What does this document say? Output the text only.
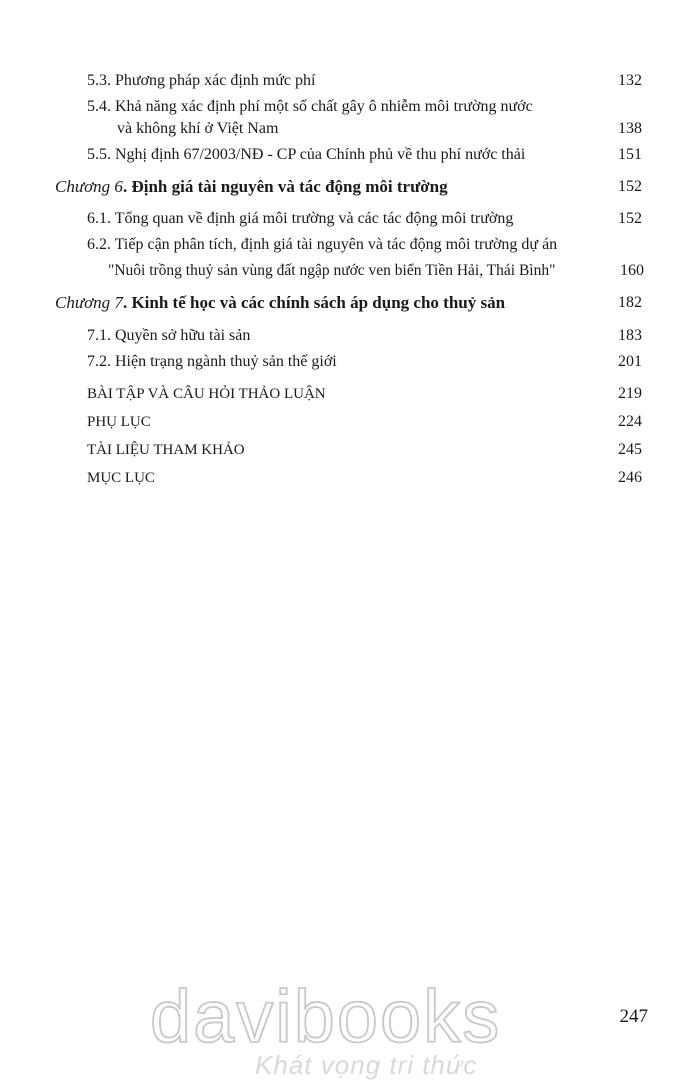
5.3. Phương pháp xác định mức phí	132
5.4. Khả năng xác định phí một số chất gây ô nhiễm môi trường nước
và không khí ở Việt Nam	138
5.5. Nghị định 67/2003/NĐ - CP của Chính phủ về thu phí nước thải	151
Chương 6. Định giá tài nguyên và tác động môi trường	152
6.1. Tổng quan về định giá môi trường và các tác động môi trường	152
6.2. Tiếp cận phân tích, định giá tài nguyên và tác động môi trường dự án
"Nuôi trồng thuỷ sản vùng đất ngập nước ven biển Tiền Hải, Thái Bình"	160
Chương 7. Kinh tế học và các chính sách áp dụng cho thuỷ sản	182
7.1. Quyền sở hữu tài sản	183
7.2. Hiện trạng ngành thuỷ sản thế giới	201
BÀI TẬP VÀ CÂU HỎI THẢO LUẬN	219
PHỤ LỤC	224
TÀI LIỆU THAM KHẢO	245
MỤC LỤC	246
247
davibooks
Khát vọng tri thức
